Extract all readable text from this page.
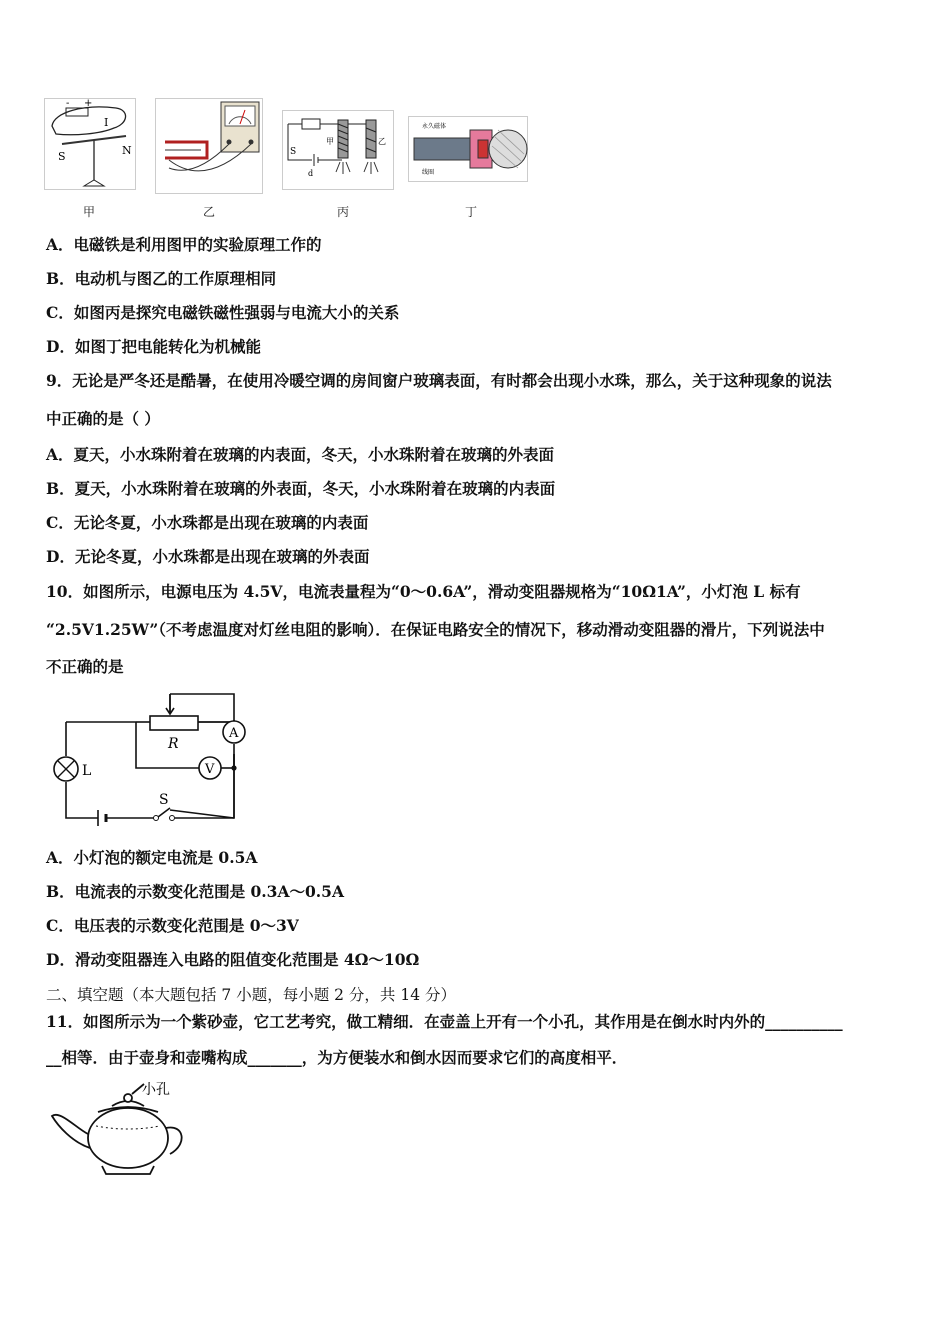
- +
I
S	N	S
甲	乙
d
永久磁体
线圈
甲	乙	丙	丁
A．电磁铁是利用图甲的实验原理工作的
B．电动机与图乙的工作原理相同
C．如图丙是探究电磁铁磁性强弱与电流大小的关系
D．如图丁把电能转化为机械能
9．无论是严冬还是酷暑，在使用冷暖空调的房间窗户玻璃表面，有时都会出现小水珠，那么，关于这种现象的说法
中正确的是（ ）
A．夏天，小水珠附着在玻璃的内表面，冬天，小水珠附着在玻璃的外表面
B．夏天，小水珠附着在玻璃的外表面，冬天，小水珠附着在玻璃的内表面
C．无论冬夏，小水珠都是出现在玻璃的内表面
D．无论冬夏，小水珠都是出现在玻璃的外表面
10．如图所示，电源电压为 4.5V，电流表量程为“0～0.6A”，滑动变阻器规格为“10Ω1A”，小灯泡 L 标有
“2.5V1.25W”（不考虑温度对灯丝电阻的影响）．在保证电路安全的情况下，移动滑动变阻器的滑片，下列说法中
不正确的是
L
R
A
V
S
A．小灯泡的额定电流是 0.5A
B．电流表的示数变化范围是 0.3A～0.5A
C．电压表的示数变化范围是 0～3V
D．滑动变阻器连入电路的阻值变化范围是 4Ω～10Ω
二、填空题（本大题包括 7 小题，每小题 2 分，共 14 分）
11．如图所示为一个紫砂壶，它工艺考究，做工精细．在壶盖上开有一个小孔，其作用是在倒水时内外的__________
__相等．由于壶身和壶嘴构成_______，为方便装水和倒水因而要求它们的高度相平．
小孔
